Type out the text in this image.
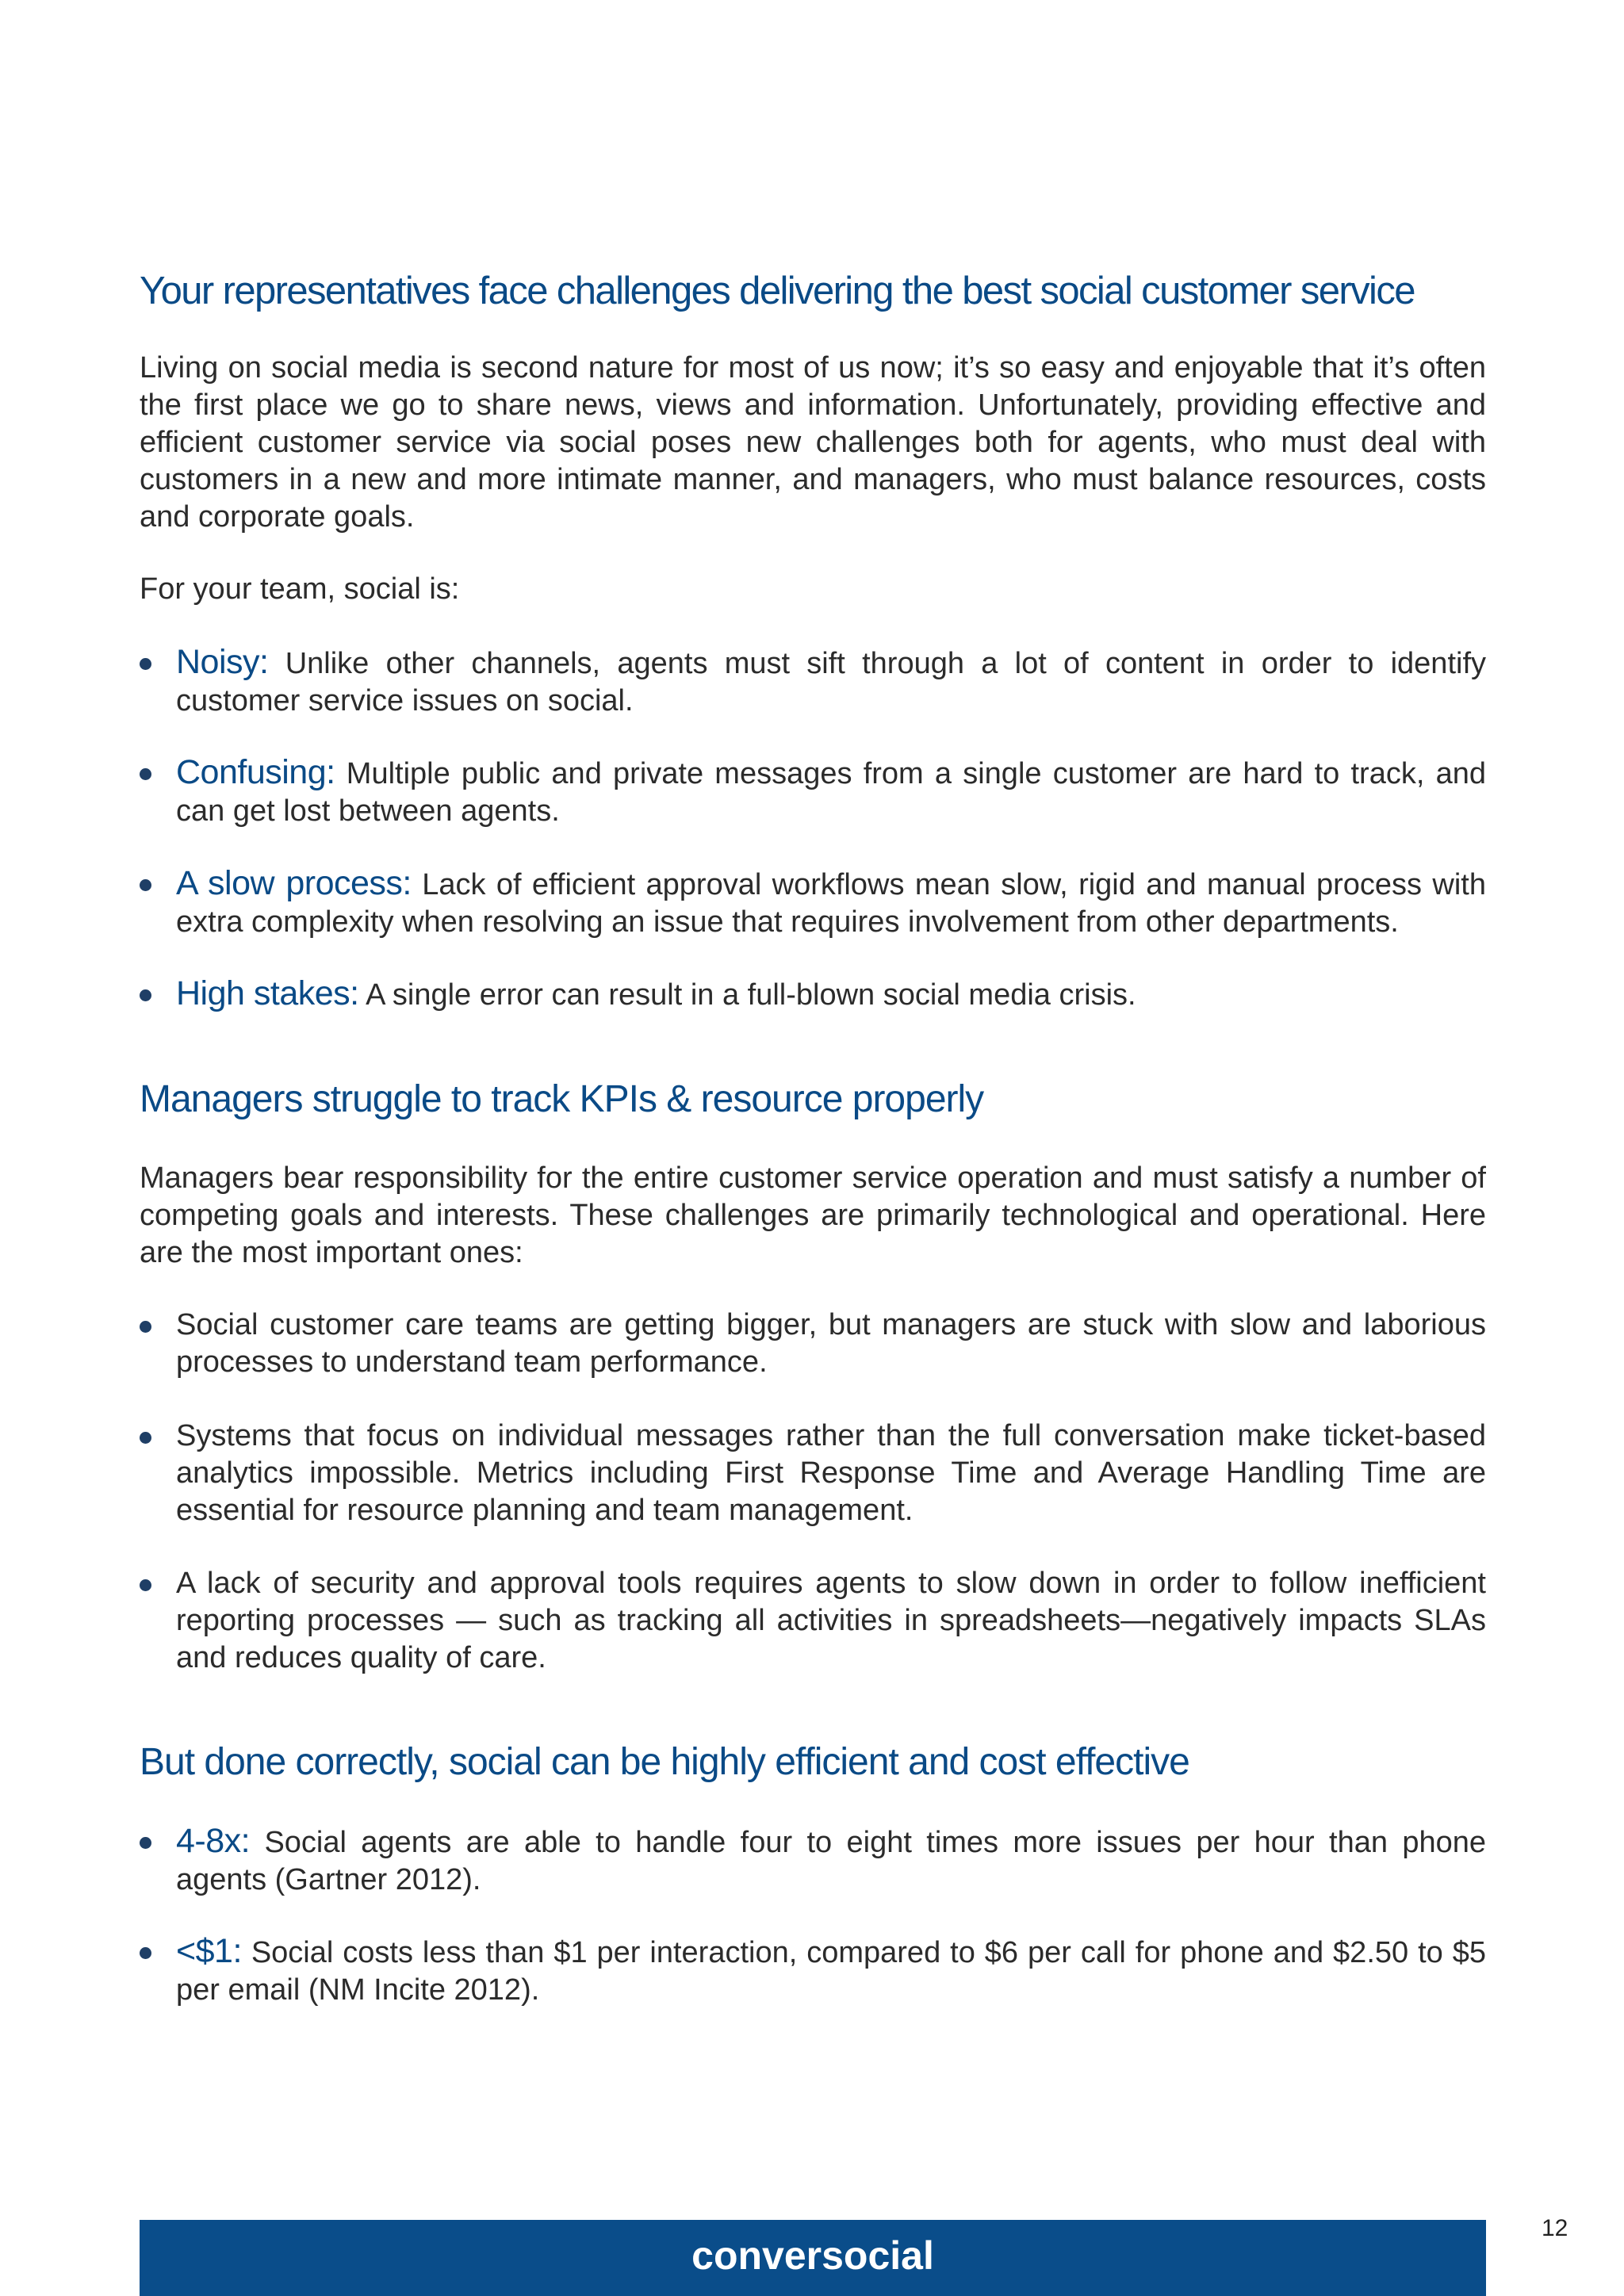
Your representatives face challenges delivering the best social customer service

Living on social media is second nature for most of us now; it’s so easy and enjoyable that it’s often the first place we go to share news, views and information. Unfortunately, providing effective and efficient customer service via social poses new challenges both for agents, who must deal with customers in a new and more intimate manner, and managers, who must balance resources, costs and corporate goals.

For your team, social is:

Noisy: Unlike other channels, agents must sift through a lot of content in order to identify customer service issues on social.
Confusing: Multiple public and private messages from a single customer are hard to track, and can get lost between agents.
A slow process: Lack of efficient approval workflows mean slow, rigid and manual process with extra complexity when resolving an issue that requires involvement from other departments.
High stakes: A single error can result in a full-blown social media crisis.
Managers struggle to track KPIs & resource properly

Managers bear responsibility for the entire customer service operation and must satisfy a number of competing goals and interests. These challenges are primarily technological and operational. Here are the most important ones:

Social customer care teams are getting bigger, but managers are stuck with slow and laborious processes to understand team performance.
Systems that focus on individual messages rather than the full conversation make ticket-based analytics impossible. Metrics including First Response Time and Average Handling Time are essential for resource planning and team management.
A lack of security and approval tools requires agents to slow down in order to follow inefficient reporting processes — such as tracking all activities in spreadsheets—negatively impacts SLAs and reduces quality of care.
But done correctly, social can be highly efficient and cost effective
4-8x: Social agents are able to handle four to eight times more issues per hour than phone agents (Gartner 2012).
<$1: Social costs less than $1 per interaction, compared to $6 per call for phone and $2.50 to $5 per email (NM Incite 2012).
conversocial
12
